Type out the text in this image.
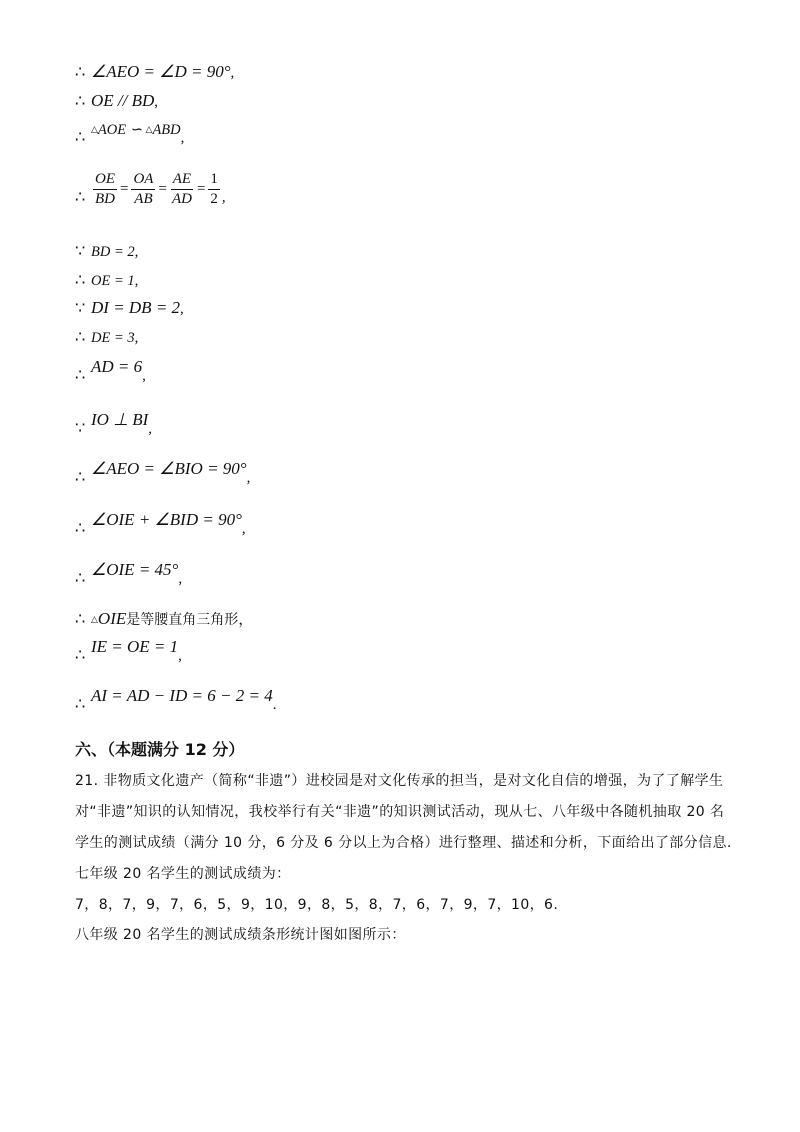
∴ ∠AEO = ∠D = 90°,
∴ OE // BD,
∴ △AOE ∽ △ABD,
∴ $\frac{OE}{BD} = \frac{OA}{AB} = \frac{AE}{AD} = \frac{1}{2}$ ,
∵ BD = 2,
∴ OE = 1,
∵ DI = DB = 2,
∴ DE = 3,
∴ AD = 6,
∵ IO ⊥ BI,
∴ ∠AEO = ∠BIO = 90°,
∴ ∠OIE + ∠BID = 90°,
∴ ∠OIE = 45°,
∴ △OIE是等腰直角三角形，
∴ IE = OE = 1,
∴ AI = AD − ID = 6 − 2 = 4.
六、（本题满分 12 分）
21. 非物质文化遗产（简称“非遗”）进校园是对文化传承的担当，是对文化自信的增强，为了了解学生
对“非遗”知识的认知情况，我校举行有关“非遗”的知识测试活动，现从七、八年级中各随机抽取 20 名
学生的测试成绩（满分 10 分，6 分及 6 分以上为合格）进行整理、描述和分析，下面给出了部分信息.
七年级 20 名学生的测试成绩为：
7，8，7，9，7，6，5，9，10，9，8，5，8，7，6，7，9，7，10，6.
八年级 20 名学生的测试成绩条形统计图如图所示：
